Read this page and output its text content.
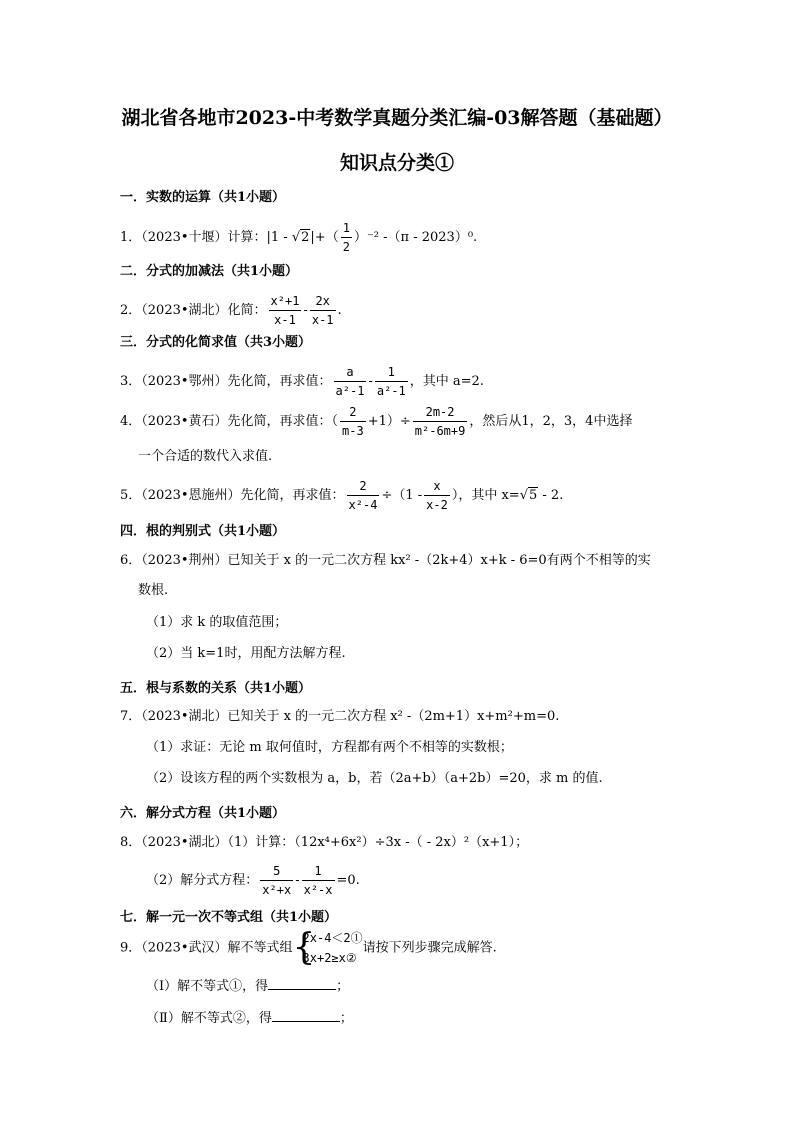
湖北省各地市2023-中考数学真题分类汇编-03解答题（基础题）
知识点分类①
一．实数的运算（共1小题）
1．（2023•十堰）计算：$|1 - √2|+( \frac{1}{2} )^{-2}$ -（π - 2023）⁰.
二．分式的加减法（共1小题）
2．（2023•湖北）化简： $\frac{\text{x²+1}}{x-1} - \frac{2x}{x-1}$ .
三．分式的化简求值（共3小题）
3．（2023•鄂州）先化简，再求值： $\frac{a}{\text{a²-1}} - \frac{1}{\text{a²-1}}$ ，其中 a=2.
4．（2023•黄石）先化简，再求值：（ $\frac{2}{m-3} +1)\div \frac{2m-2}{\text{m²-6m+9}}$ ，然后从1，2，3，4中选择
一个合适的数代入求值.
5．（2023•恩施州）先化简，再求值： $\frac{2}{\text{x²-4}} \div(1 - \frac{x}{x-2}$ ），其中 x=√5 - 2.
四．根的判别式（共1小题）
6．（2023•荆州）已知关于 x 的一元二次方程 kx² -（2k+4）x+k - 6=0有两个不相等的实
数根.
（1）求 k 的取值范围；
（2）当 k=1时，用配方法解方程.
五．根与系数的关系（共1小题）
7．（2023•湖北）已知关于 x 的一元二次方程 x² -（2m+1）x+m²+m=0.
（1）求证：无论 m 取何值时，方程都有两个不相等的实数根；
（2）设该方程的两个实数根为 a，b，若（2a+b）（a+2b）=20，求 m 的值.
六．解分式方程（共1小题）
8．（2023•湖北）（1）计算：（12x⁴+6x²）÷3x -（ - 2x）²（x+1）；
（2）解分式方程： $\frac{5}{\text{x²+x}} - \frac{1}{\text{x²-x}} =0$.
七．解一元一次不等式组（共1小题）
9．（2023•武汉）解不等式组 {
2x-4＜2①
3x+2≥x②
请按下列步骤完成解答.
（Ⅰ）解不等式①，得	；
（Ⅱ）解不等式②，得	；
